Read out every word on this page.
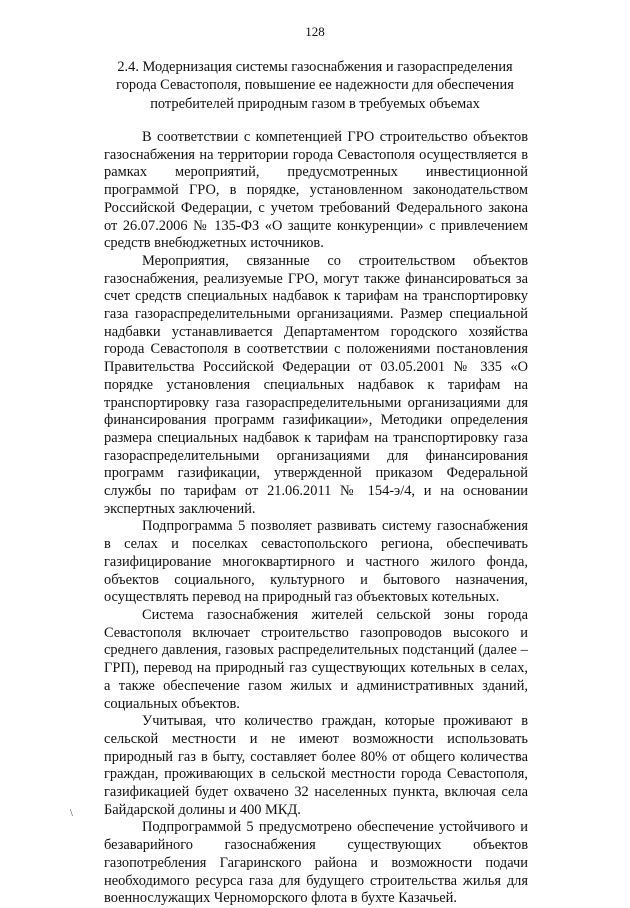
128
2.4. Модернизация системы газоснабжения и газораспределения города Севастополя, повышение ее надежности для обеспечения потребителей природным газом в требуемых объемах

В соответствии с компетенцией ГРО строительство объектов газоснабжения на территории города Севастополя осуществляется в рамках мероприятий, предусмотренных инвестиционной программой ГРО, в порядке, установленном законодательством Российской Федерации, с учетом требований Федерального закона от 26.07.2006 № 135-ФЗ «О защите конкуренции» с привлечением средств внебюджетных источников.

Мероприятия, связанные со строительством объектов газоснабжения, реализуемые ГРО, могут также финансироваться за счет средств специальных надбавок к тарифам на транспортировку газа газораспределительными организациями. Размер специальной надбавки устанавливается Департаментом городского хозяйства города Севастополя в соответствии с положениями постановления Правительства Российской Федерации от 03.05.2001 № 335 «О порядке установления специальных надбавок к тарифам на транспортировку газа газораспределительными организациями для финансирования программ газификации», Методики определения размера специальных надбавок к тарифам на транспортировку газа газораспределительными организациями для финансирования программ газификации, утвержденной приказом Федеральной службы по тарифам от 21.06.2011 № 154-э/4, и на основании экспертных заключений.

Подпрограмма 5 позволяет развивать систему газоснабжения в селах и поселках севастопольского региона, обеспечивать газифицирование многоквартирного и частного жилого фонда, объектов социального, культурного и бытового назначения, осуществлять перевод на природный газ объектовых котельных.

Система газоснабжения жителей сельской зоны города Севастополя включает строительство газопроводов высокого и среднего давления, газовых распределительных подстанций (далее – ГРП), перевод на природный газ существующих котельных в селах, а также обеспечение газом жилых и административных зданий, социальных объектов.

Учитывая, что количество граждан, которые проживают в сельской местности и не имеют возможности использовать природный газ в быту, составляет более 80% от общего количества граждан, проживающих в сельской местности города Севастополя, газификацией будет охвачено 32 населенных пункта, включая села Байдарской долины и 400 МКД.

Подпрограммой 5 предусмотрено обеспечение устойчивого и безаварийного газоснабжения существующих объектов газопотребления Гагаринского района и возможности подачи необходимого ресурса газа для будущего строительства жилья для военнослужащих Черноморского флота в бухте Казачьей.

\
